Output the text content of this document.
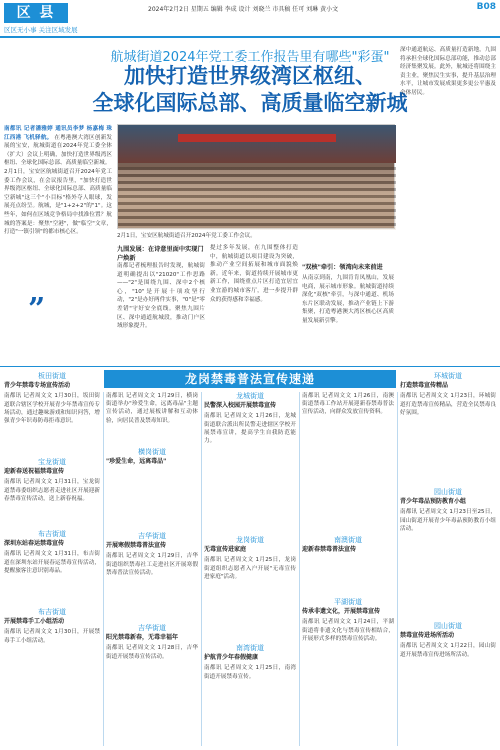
区 县
区区无小事 关注区域发展
2024年2月2日 星期五 编辑 李成 设计 刘晓兰 市具稿 任可 刘琳 黄小文	B08
航城街道2024年党工委工作报告里有哪些"彩蛋"
加快打造世界级湾区枢纽、
全球化国际总部、高质量临空新城
南都讯 记者潘雅婷 通讯员李梦 杨嘉梅 珠江西港 飞机驿航。 在粤港澳大湾区创新发展的宝安，航城街道在2024年党工委全体（扩大）会议上明确，加快打造世界级湾区枢纽、全球化国际总部、高质量临空新城。
2月1日，宝安区航城街道召开2024年党工委工作会议，在会议报告里，"加快打造世界级湾区枢纽、全球化国际总部、高质量临空新城"这三个"小目标"格外夺人眼球，发展亮点纷呈。航城，是"1+2+2"的"1"。这些年，如何在区域竞争格局中找准位置？航城的答案是：聚焦"空港"，做"临空"文章，打造"一镇引领"的都市核心区。
”
2月1日，宝安区航城街道召开2024年党工委工作会议。
九围发展：在诗意里面中实现门户焕新
南都记者梳理报告时发现，航城街道明确提出以"21020"工作思路——"2"是围绕九围、深中2个核心，"10"是开展十项攻坚行动，"2"是办好两件实事，"0"是"零差错"守好安全底线。聚焦九围片区、深中通道航城段，推动门户区域形象提升。
提过多年发展，在九围整体打造中，航城街道以项目建设为突破，推动产业空间拓展和城市面貌焕新。近年来，街道持续开展城市更新工作，围绕重点片区打造宜居宜业宜游的城市客厅，进一步提升群众的获得感和幸福感。
"双核"牵引：领湾向未来前进
从南京到南，九围肯肯凤凰山，发展电商，展示城市形象。航城街道持续深化"双核"牵引，与深中通道、机场东片区联动发展，推动产业链上下游集聚，打造粤港澳大湾区核心区高质量发展新引擎。
深中通道航运、高质量打造新地，九围将承担全球化国际总部功能，推动总部经济集聚发展。此外，航城还将围绕主责主业，聚焦民生实事，提升基层治理水平，让城市发展成果更多更公平惠及全体居民。
龙岗禁毒普法宣传速递
板田街道
青少年禁毒专场宣传活动
南都讯 记者周文文 1月30日，坂田街道联合辖区学校开展青少年禁毒宣传专场活动，通过趣味游戏和知识问答，增强青少年识毒防毒拒毒意识。
宝龙街道
迎新春送祝福禁毒宣传
南都讯 记者周文文 1月31日，宝龙街道禁毒委组织志愿者走进社区开展迎新春禁毒宣传活动，送上新春祝福。
布吉街道
深圳东站春运禁毒宣传
南都讯 记者周文文 1月31日，布吉街道在深圳东站开展春运禁毒宣传活动，提醒旅客注意识别毒品。
布吉街道
开展禁毒手工小组活动
南都讯 记者周文文 1月30日，开展禁毒手工小组活动。
南都讯 记者周文文 1月29日，横岗街道举办"珍爱生命，远离毒品"主题宣传活动，通过展板讲解和互动体验，向居民普及禁毒知识。
横岗街道
"珍爱生命，远离毒品"
吉华街道
开展寒假禁毒普法宣传
南都讯 记者周文文 1月29日，吉华街道组织禁毒社工走进社区开展寒假禁毒普法宣传活动。
吉华街道
阳光禁毒新春，无毒幸福年
南都讯 记者周文文 1月28日，吉华街道开展禁毒宣传活动。
龙城街道
民警深入校园开展禁毒宣传
南都讯 记者周文文 1月26日，龙城街道联合派出所民警走进辖区学校开展禁毒宣讲，提高学生自我防范能力。
龙岗街道
无毒宣传进家庭
南都讯 记者周文文 1月25日，龙岗街道组织志愿者入户开展"无毒宣传进家庭"活动。
南湾街道
护航青少年春假健康
南都讯 记者周文文 1月25日，南湾街道开展禁毒宣传。
南都讯 记者周文文 1月26日，南澳街道禁毒工作站开展迎新春禁毒普法宣传活动，向群众发放宣传资料。
南澳街道
迎新春禁毒普法宣传
平湖街道
传承非遗文化，开展禁毒宣传
南都讯 记者周文文 1月24日，平湖街道将非遗文化与禁毒宣传相结合，开展形式多样的禁毒宣传活动。
环城街道
打造禁毒宣传精品
南都讯 记者周文文 1月23日，环城街道打造禁毒宣传精品，营造全民禁毒良好氛围。
园山街道
青少年毒品预防教育小组
南都讯 记者周文文 1月23日至25日，园山街道开展青少年毒品预防教育小组活动。
园山街道
禁毒宣传进场所活动
南都讯 记者周文文 1月22日，园山街道开展禁毒宣传进场所活动。
